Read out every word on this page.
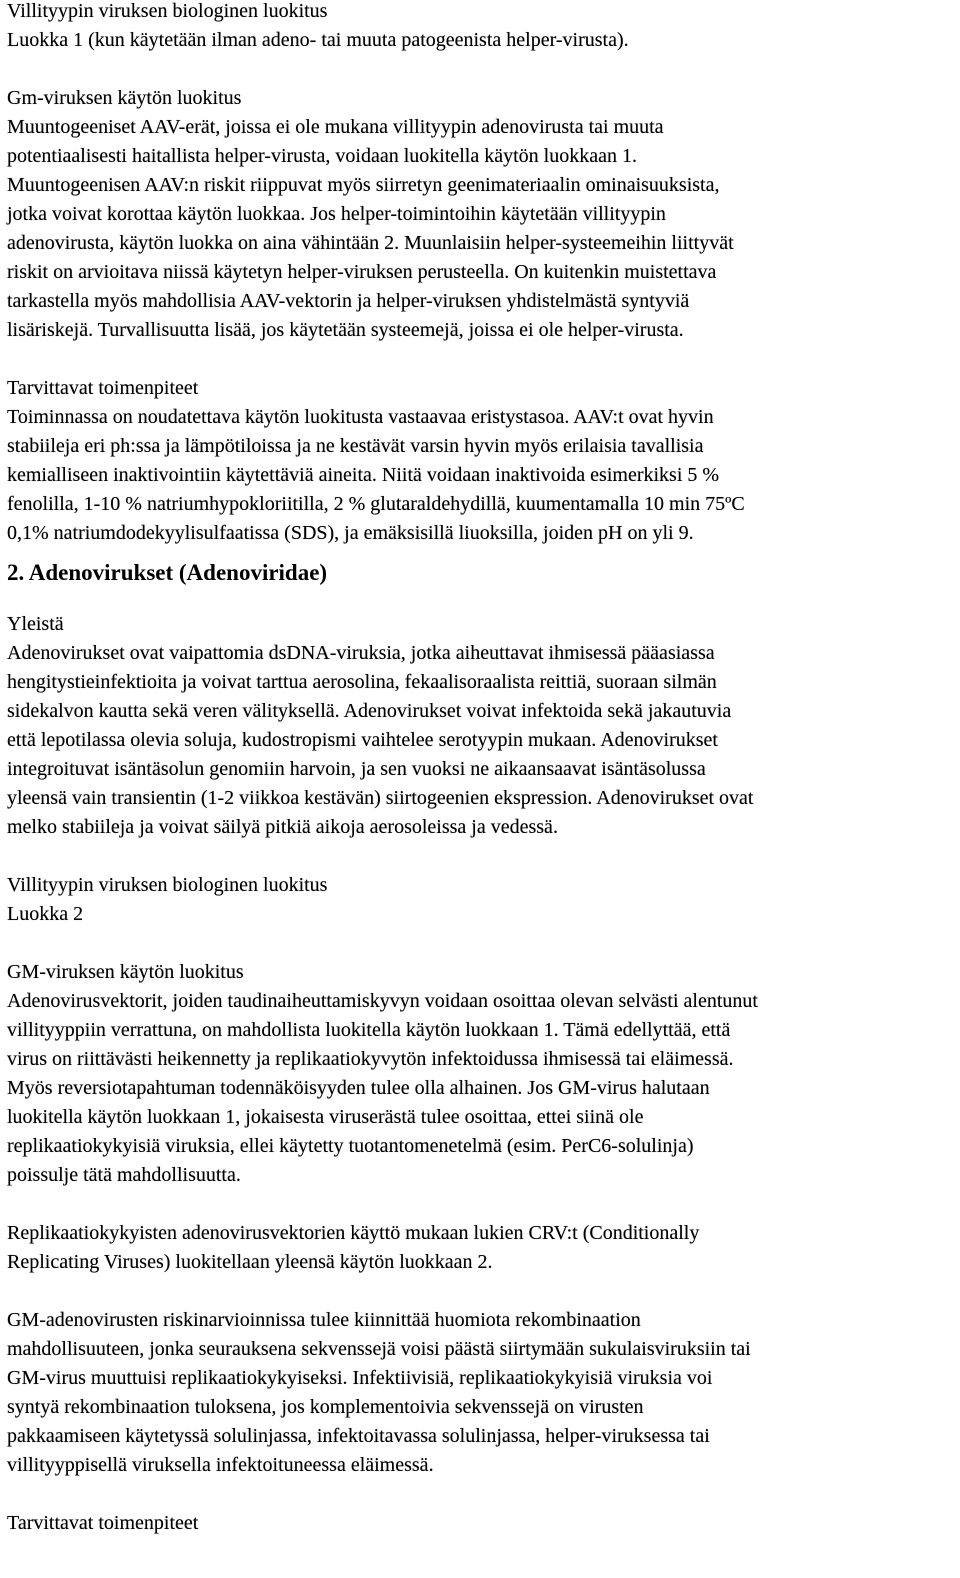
Villityypin viruksen biologinen luokitus
Luokka 1 (kun käytetään ilman adeno- tai muuta patogeenista helper-virusta).
Gm-viruksen käytön luokitus
Muuntogeeniset AAV-erät, joissa ei ole mukana villityypin adenovirusta tai muuta
potentiaalisesti haitallista helper-virusta, voidaan luokitella käytön luokkaan 1.
Muuntogeenisen AAV:n riskit riippuvat myös siirretyn geenimateriaalin ominaisuuksista,
jotka voivat korottaa käytön luokkaa. Jos helper-toimintoihin käytetään villityypin
adenovirusta, käytön luokka on aina vähintään 2. Muunlaisiin helper-systeemeihin liittyvät
riskit on arvioitava niissä käytetyn helper-viruksen perusteella. On kuitenkin muistettava
tarkastella myös mahdollisia AAV-vektorin ja helper-viruksen yhdistelmästä syntyviä
lisäriskejä. Turvallisuutta lisää, jos käytetään systeemejä, joissa ei ole helper-virusta.
Tarvittavat toimenpiteet
Toiminnassa on noudatettava käytön luokitusta vastaavaa eristystasoa. AAV:t ovat hyvin
stabiileja eri ph:ssa ja lämpötiloissa ja ne kestävät varsin hyvin myös erilaisia tavallisia
kemialliseen inaktivointiin käytettäviä aineita. Niitä voidaan inaktivoida esimerkiksi 5 %
fenolilla, 1-10 % natriumhypokloriitilla, 2 % glutaraldehydillä, kuumentamalla 10 min 75ºC
0,1% natriumdodekyylisulfaatissa (SDS), ja emäksisillä liuoksilla, joiden pH on yli 9.
2. Adenovirukset (Adenoviridae)
Yleistä
Adenovirukset ovat vaipattomia dsDNA-viruksia, jotka aiheuttavat ihmisessä pääasiassa
hengitystieinfektioita ja voivat tarttua aerosolina, fekaalisoraalista reittiä, suoraan silmän
sidekalvon kautta sekä veren välityksellä. Adenovirukset voivat infektoida sekä jakautuvia
että lepotilassa olevia soluja, kudostropismi vaihtelee serotyypin mukaan. Adenovirukset
integroituvat isäntäsolun genomiin harvoin, ja sen vuoksi ne aikaansaavat isäntäsolussa
yleensä vain transientin (1-2 viikkoa kestävän) siirtogeenien ekspression. Adenovirukset ovat
melko stabiileja ja voivat säilyä pitkiä aikoja aerosoleissa ja vedessä.
Villityypin viruksen biologinen luokitus
Luokka 2
GM-viruksen käytön luokitus
Adenovirusvektorit, joiden taudinaiheuttamiskyvyn voidaan osoittaa olevan selvästi alentunut
villityyppiin verrattuna, on mahdollista luokitella käytön luokkaan 1. Tämä edellyttää, että
virus on riittävästi heikennetty ja replikaatiokyvytön infektoidussa ihmisessä tai eläimessä.
Myös reversiotapahtuman todennäköisyyden tulee olla alhainen. Jos GM-virus halutaan
luokitella käytön luokkaan 1, jokaisesta viruserästä tulee osoittaa, ettei siinä ole
replikaatiokykyisiä viruksia, ellei käytetty tuotantomenetelmä (esim. PerC6-solulinja)
poissulje tätä mahdollisuutta.
Replikaatiokykyisten adenovirusvektorien käyttö mukaan lukien CRV:t (Conditionally
Replicating Viruses) luokitellaan yleensä käytön luokkaan 2.
GM-adenovirusten riskinarvioinnissa tulee kiinnittää huomiota rekombinaation
mahdollisuuteen, jonka seurauksena sekvenssejä voisi päästä siirtymään sukulaisviruksiin tai
GM-virus muuttuisi replikaatiokykyiseksi. Infektiivisiä, replikaatiokykyisiä viruksia voi
syntyä rekombinaation tuloksena, jos komplementoivia sekvenssejä on virusten
pakkaamiseen käytetyssä solulinjassa, infektoitavassa solulinjassa, helper-viruksessa tai
villityyppisellä viruksella infektoituneessa eläimessä.
Tarvittavat toimenpiteet
